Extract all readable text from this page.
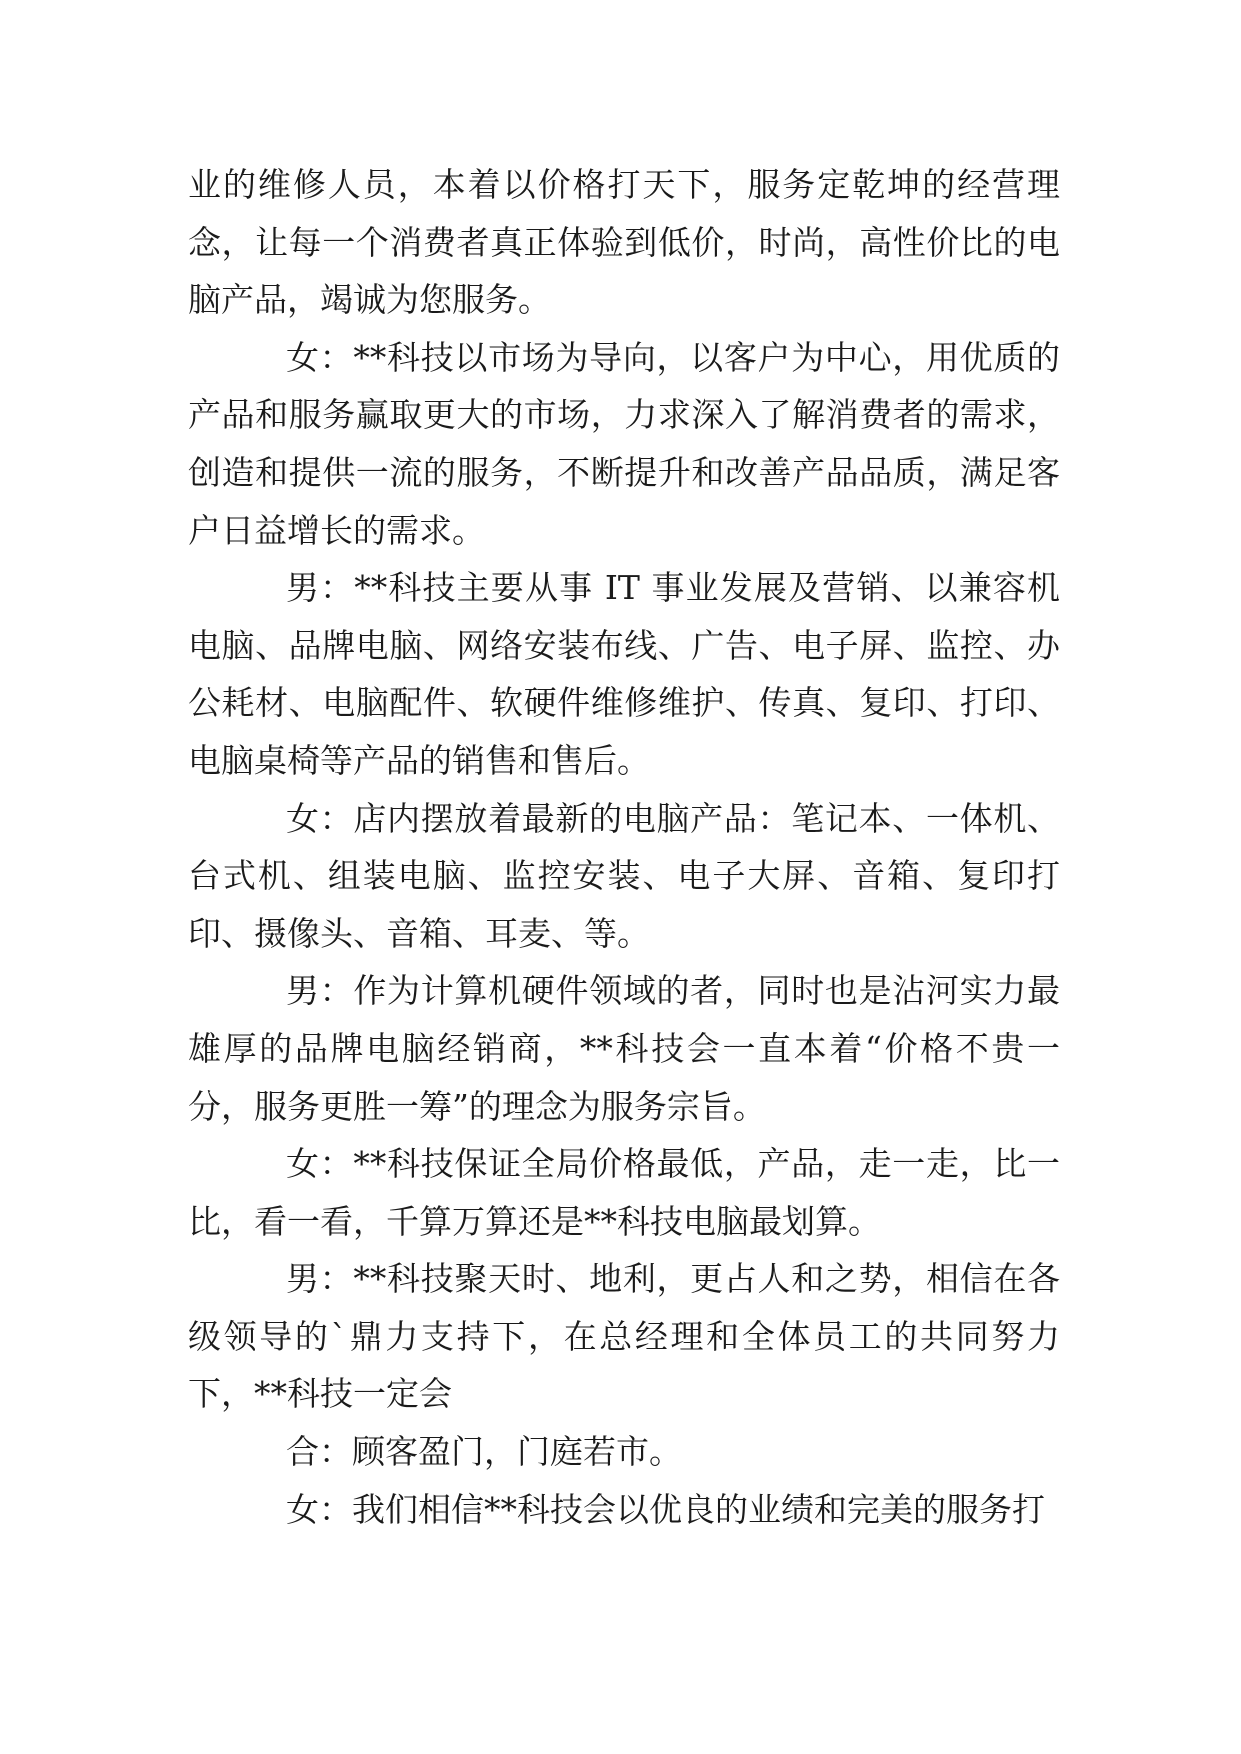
业的维修人员，本着以价格打天下，服务定乾坤的经营理念，让每一个消费者真正体验到低价，时尚，高性价比的电脑产品，竭诚为您服务。

女：**科技以市场为导向，以客户为中心，用优质的产品和服务赢取更大的市场，力求深入了解消费者的需求，创造和提供一流的服务，不断提升和改善产品品质，满足客户日益增长的需求。

男：**科技主要从事 IT 事业发展及营销、以兼容机电脑、品牌电脑、网络安装布线、广告、电子屏、监控、办公耗材、电脑配件、软硬件维修维护、传真、复印、打印、电脑桌椅等产品的销售和售后。

女：店内摆放着最新的电脑产品：笔记本、一体机、台式机、组装电脑、监控安装、电子大屏、音箱、复印打印、摄像头、音箱、耳麦、等。

男：作为计算机硬件领域的者，同时也是沾河实力最雄厚的品牌电脑经销商，**科技会一直本着“价格不贵一分，服务更胜一筹”的理念为服务宗旨。

女：**科技保证全局价格最低，产品，走一走，比一比，看一看，千算万算还是**科技电脑最划算。

男：**科技聚天时、地利，更占人和之势，相信在各级领导的`鼎力支持下，在总经理和全体员工的共同努力下，**科技一定会

合：顾客盈门，门庭若市。

女：我们相信**科技会以优良的业绩和完美的服务打
